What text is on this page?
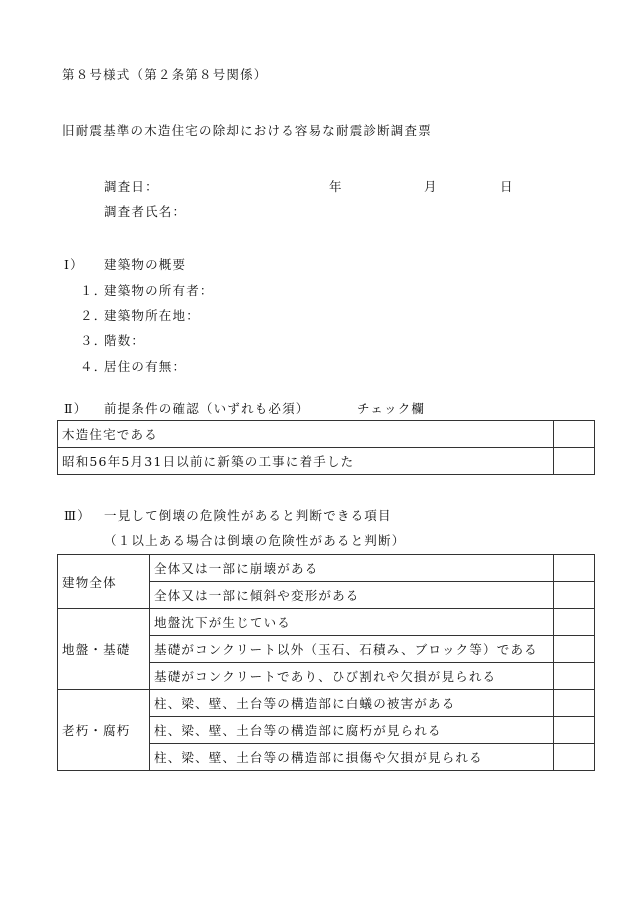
第８号様式（第２条第８号関係）
旧耐震基準の木造住宅の除却における容易な耐震診断調査票
調査日：	年	月	日
調査者氏名：
Ⅰ） 建築物の概要
１．
建築物の所有者：
２．
建築物所在地：
３．
階数：
４．
居住の有無：
Ⅱ） 前提条件の確認（いずれも必須）	チェック欄
木造住宅である	
昭和56年5月31日以前に新築の工事に着手した	
Ⅲ） 一見して倒壊の危険性があると判断できる項目
（１以上ある場合は倒壊の危険性があると判断）
建物全体	全体又は一部に崩壊がある	
	全体又は一部に傾斜や変形がある	
地盤・基礎	地盤沈下が生じている	
	基礎がコンクリート以外（玉石、石積み、ブロック等）である	
	基礎がコンクリートであり、ひび割れや欠損が見られる	
老朽・腐朽	柱、梁、壁、土台等の構造部に白蟻の被害がある	
	柱、梁、壁、土台等の構造部に腐朽が見られる	
	柱、梁、壁、土台等の構造部に損傷や欠損が見られる	
